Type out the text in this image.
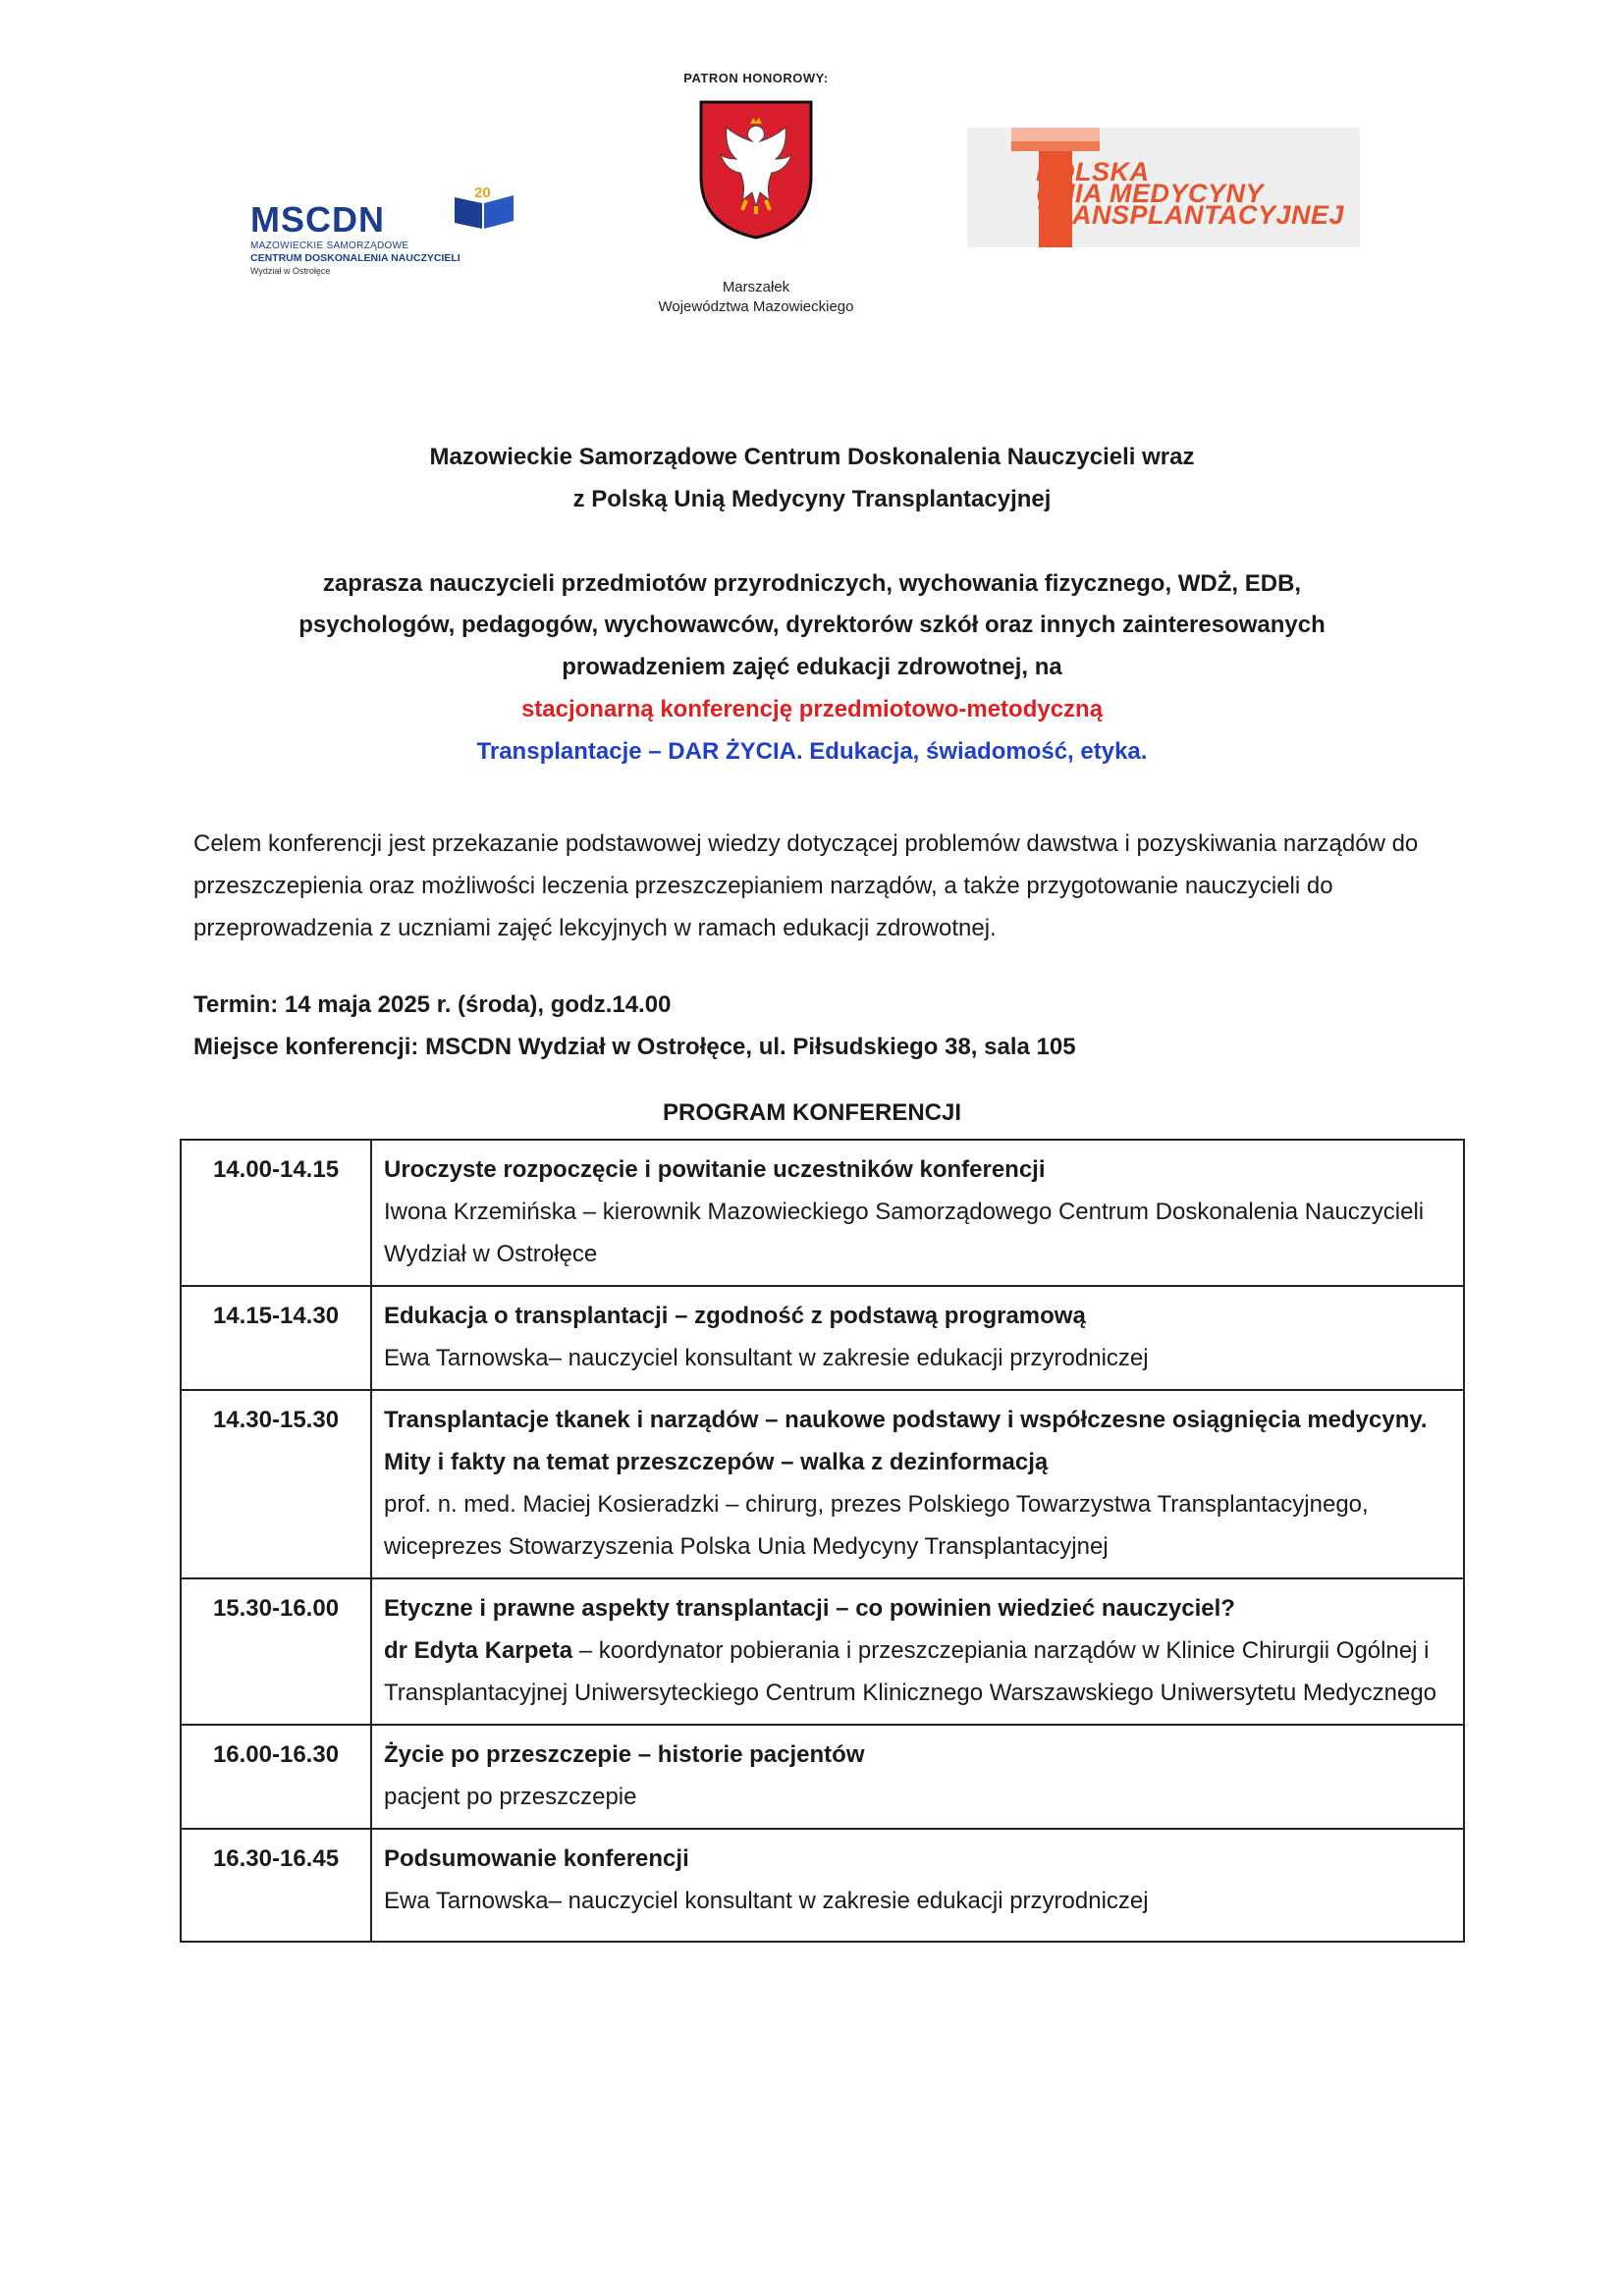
MSCDN
20
MAZOWIECKIE SAMORZĄDOWE
CENTRUM DOSKONALENIA NAUCZYCIELI
Wydział w Ostrołęce
PATRON HONOROWY:
Marszałek
Województwa Mazowieckiego
POLSKA
UNIA MEDYCYNY
TRANSPLANTACYJNEJ
Mazowieckie Samorządowe Centrum Doskonalenia Nauczycieli wraz
z Polską Unią Medycyny Transplantacyjnej
zaprasza nauczycieli przedmiotów przyrodniczych, wychowania fizycznego, WDŻ, EDB,
psychologów, pedagogów, wychowawców, dyrektorów szkół oraz innych zainteresowanych
prowadzeniem zajęć edukacji zdrowotnej, na
stacjonarną konferencję przedmiotowo-metodyczną
Transplantacje – DAR ŻYCIA. Edukacja, świadomość, etyka.
Celem konferencji jest przekazanie podstawowej wiedzy dotyczącej problemów dawstwa i pozyskiwania narządów do przeszczepienia oraz możliwości leczenia przeszczepianiem narządów, a także przygotowanie nauczycieli do przeprowadzenia z uczniami zajęć lekcyjnych w ramach edukacji zdrowotnej.
Termin: 14 maja 2025 r. (środa), godz.14.00
Miejsce konferencji: MSCDN Wydział w Ostrołęce, ul. Piłsudskiego 38, sala 105
PROGRAM KONFERENCJI
14.00-14.15	Uroczyste rozpoczęcie i powitanie uczestników konferencji
Iwona Krzemińska – kierownik Mazowieckiego Samorządowego Centrum Doskonalenia Nauczycieli Wydział w Ostrołęce

14.15-14.30	Edukacja o transplantacji – zgodność z podstawą programową
Ewa Tarnowska– nauczyciel konsultant w zakresie edukacji przyrodniczej

14.30-15.30	Transplantacje tkanek i narządów – naukowe podstawy i współczesne osiągnięcia medycyny. Mity i fakty na temat przeszczepów – walka z dezinformacją
prof. n. med. Maciej Kosieradzki – chirurg, prezes Polskiego Towarzystwa Transplantacyjnego, wiceprezes Stowarzyszenia Polska Unia Medycyny Transplantacyjnej

15.30-16.00	Etyczne i prawne aspekty transplantacji – co powinien wiedzieć nauczyciel?
dr Edyta Karpeta – koordynator pobierania i przeszczepiania narządów w Klinice Chirurgii Ogólnej i Transplantacyjnej Uniwersyteckiego Centrum Klinicznego Warszawskiego Uniwersytetu Medycznego

16.00-16.30	Życie po przeszczepie – historie pacjentów
pacjent po przeszczepie

16.30-16.45	Podsumowanie konferencji
Ewa Tarnowska– nauczyciel konsultant w zakresie edukacji przyrodniczej
